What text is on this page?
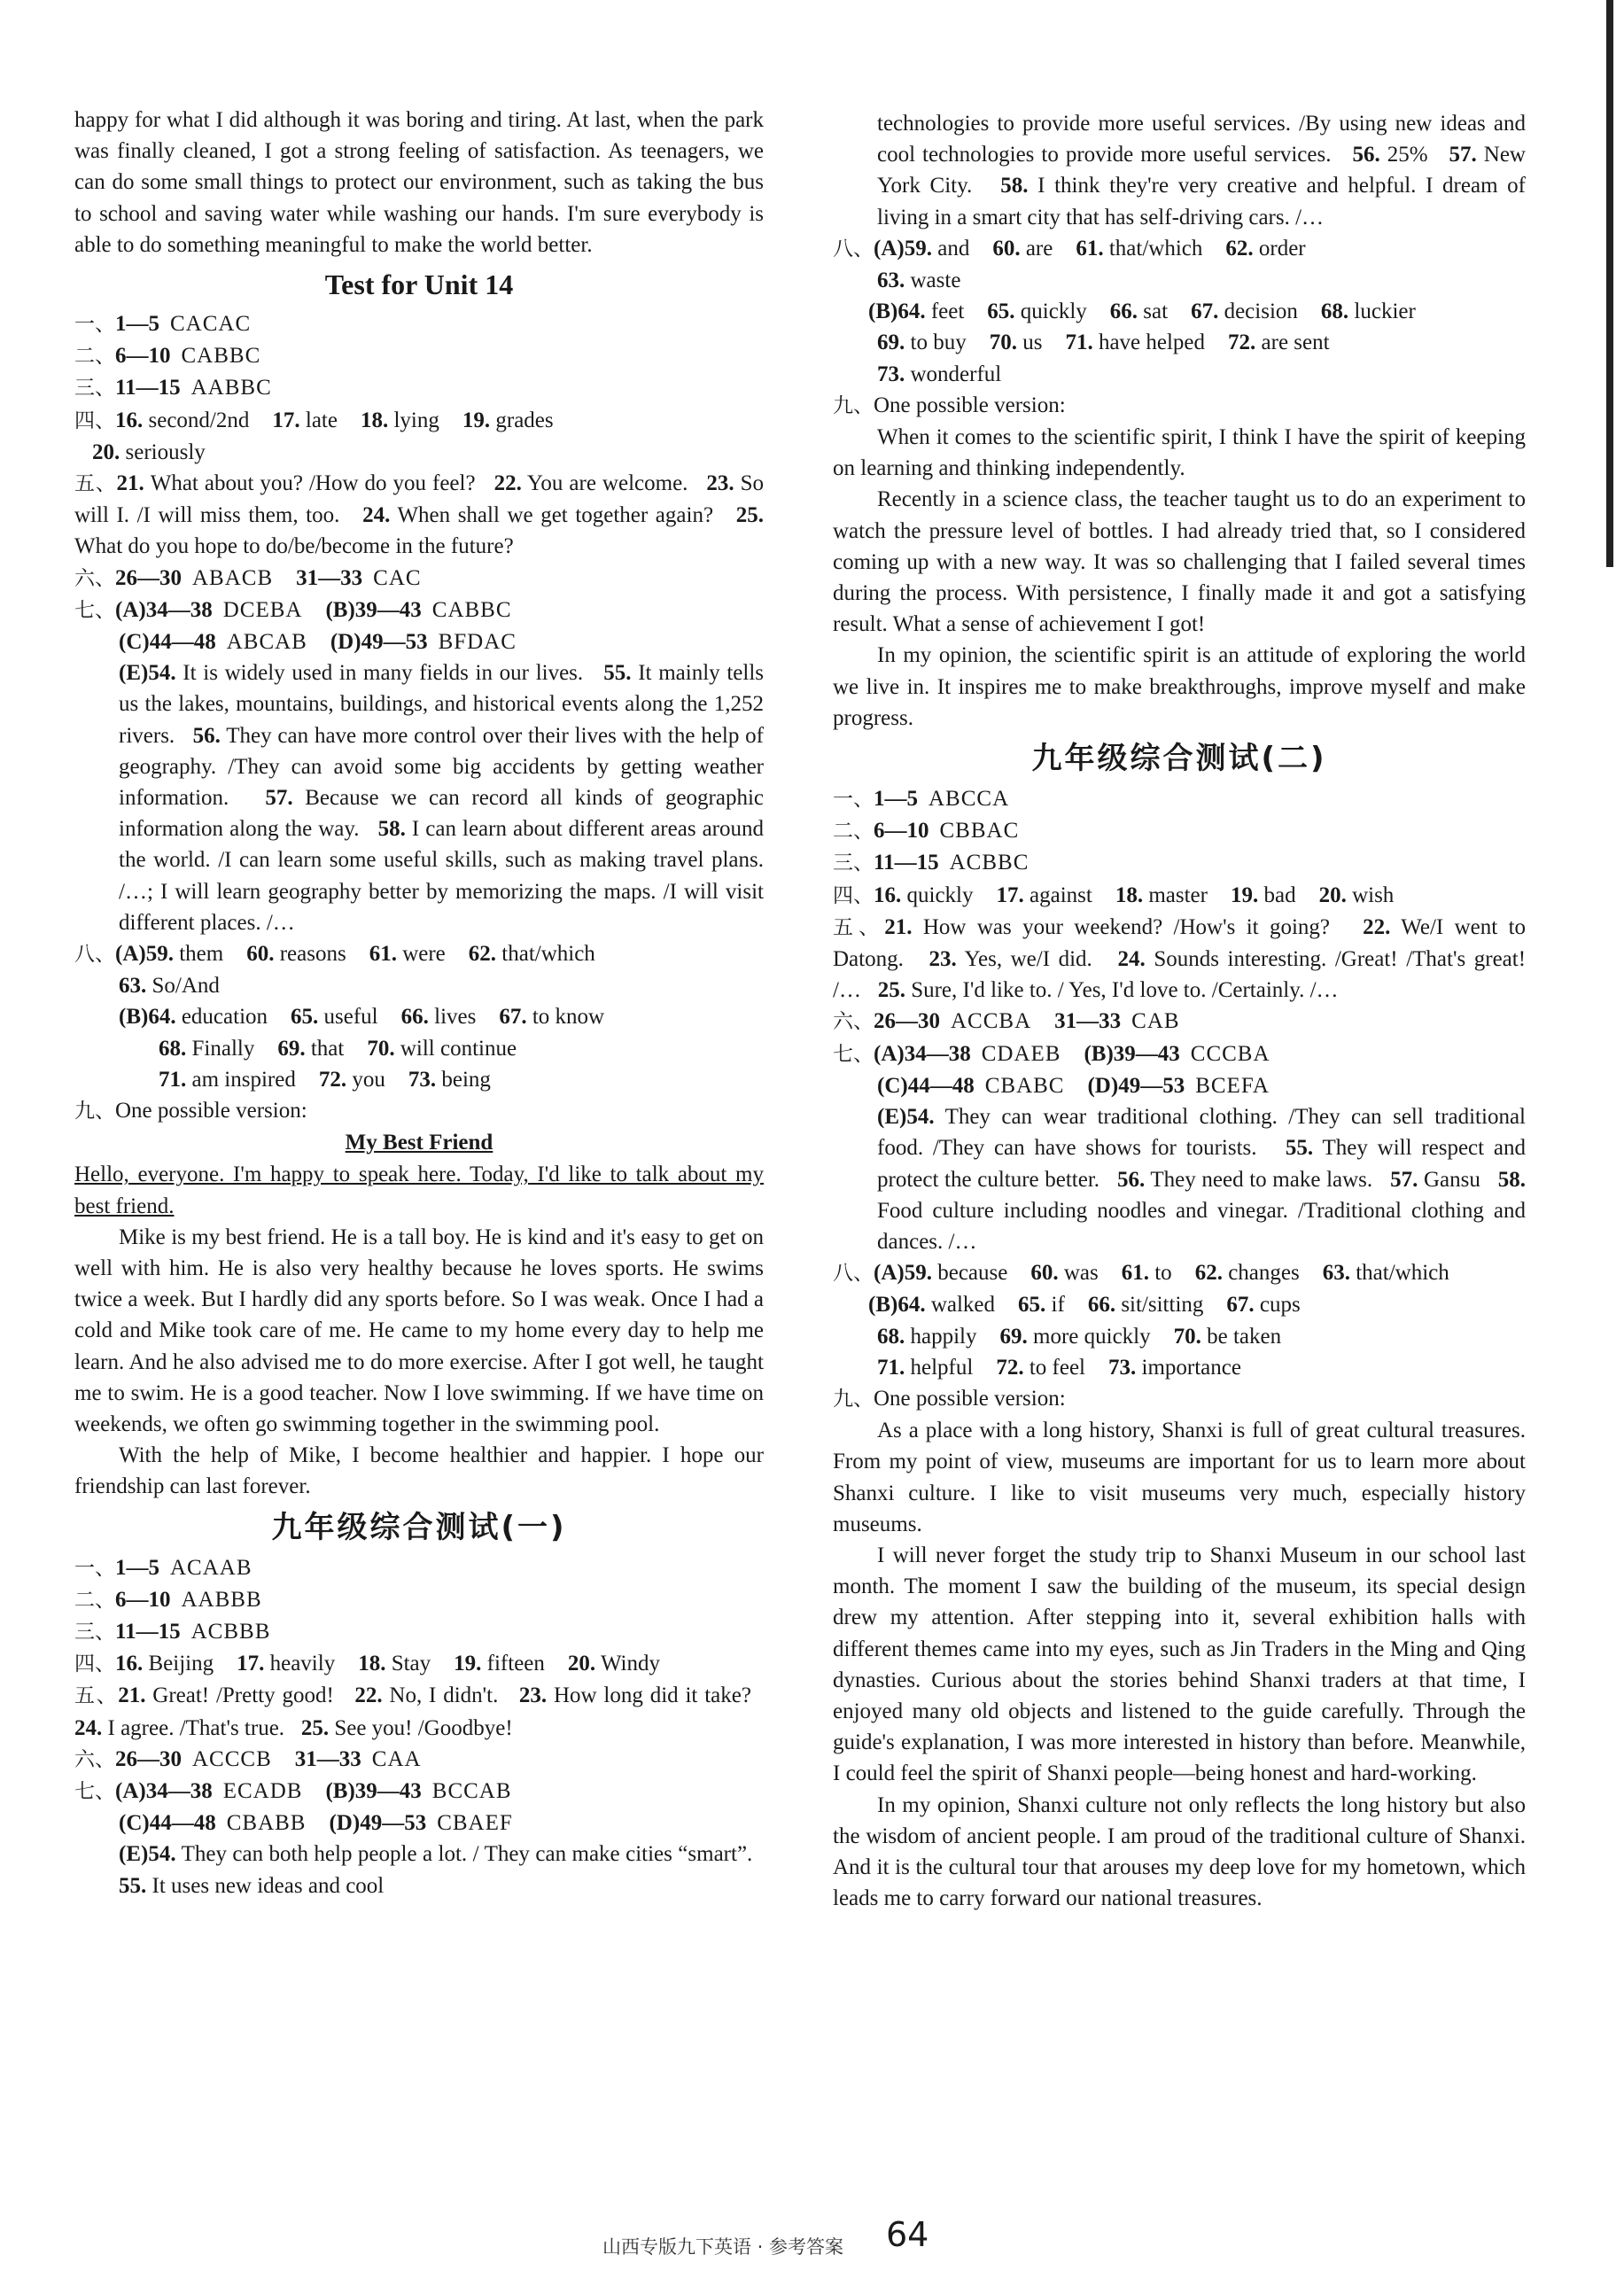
happy for what I did although it was boring and tiring. At last, when the park was finally cleaned, I got a strong feeling of satisfaction. As teenagers, we can do some small things to protect our environment, such as taking the bus to school and saving water while washing our hands. I'm sure everybody is able to do something meaningful to make the world better.

Test for Unit 14
一、1—5 CACAC
二、6—10 CABBC
三、11—15 AABBC
四、16. second/2nd 17. late 18. lying 19. grades
20. seriously

五、21. What about you? /How do you feel? 22. You are welcome. 23. So will I. /I will miss them, too. 24. When shall we get together again? 25. What do you hope to do/be/become in the future?

六、26—30 ABACB 31—33 CAC
七、(A)34—38 DCEBA (B)39—43 CABBC
(C)44—48 ABCAB (D)49—53 BFDAC

(E)54. It is widely used in many fields in our lives. 55. It mainly tells us the lakes, mountains, buildings, and historical events along the 1,252 rivers. 56. They can have more control over their lives with the help of geography. /They can avoid some big accidents by getting weather information. 57. Because we can record all kinds of geographic information along the way. 58. I can learn about different areas around the world. /I can learn some useful skills, such as making travel plans. /…; I will learn geography better by memorizing the maps. /I will visit different places. /…

八、(A)59. them 60. reasons 61. were 62. that/which
63. So/And
(B)64. education 65. useful 66. lives 67. to know
68. Finally 69. that 70. will continue
71. am inspired 72. you 73. being
九、One possible version:
My Best Friend

Hello, everyone. I'm happy to speak here. Today, I'd like to talk about my best friend.

Mike is my best friend. He is a tall boy. He is kind and it's easy to get on well with him. He is also very healthy because he loves sports. He swims twice a week. But I hardly did any sports before. So I was weak. Once I had a cold and Mike took care of me. He came to my home every day to help me learn. And he also advised me to do more exercise. After I got well, he taught me to swim. He is a good teacher. Now I love swimming. If we have time on weekends, we often go swimming together in the swimming pool.

With the help of Mike, I become healthier and happier. I hope our friendship can last forever.

九年级综合测试(一)
一、1—5 ACAAB
二、6—10 AABBB
三、11—15 ACBBB
四、16. Beijing 17. heavily 18. Stay 19. fifteen 20. Windy

五、21. Great! /Pretty good! 22. No, I didn't. 23. How long did it take?   24. I agree. /That's true. 25. See you! /Goodbye!

六、26—30 ACCCB 31—33 CAA
七、(A)34—38 ECADB (B)39—43 BCCAB
(C)44—48 CBABB (D)49—53 CBAEF

(E)54. They can both help people a lot. / They can make cities “smart”.   55. It uses new ideas and cool

technologies to provide more useful services. /By using new ideas and cool technologies to provide more useful services. 56. 25% 57. New York City. 58. I think they're very creative and helpful. I dream of living in a smart city that has self-driving cars. /…

八、(A)59. and 60. are 61. that/which 62. order
63. waste
(B)64. feet 65. quickly 66. sat 67. decision 68. luckier
69. to buy 70. us 71. have helped 72. are sent
73. wonderful
九、One possible version:

When it comes to the scientific spirit, I think I have the spirit of keeping on learning and thinking independently.

Recently in a science class, the teacher taught us to do an experiment to watch the pressure level of bottles. I had already tried that, so I considered coming up with a new way. It was so challenging that I failed several times during the process. With persistence, I finally made it and got a satisfying result. What a sense of achievement I got!

In my opinion, the scientific spirit is an attitude of exploring the world we live in. It inspires me to make breakthroughs, improve myself and make progress.

九年级综合测试(二)
一、1—5 ABCCA
二、6—10 CBBAC
三、11—15 ACBBC
四、16. quickly 17. against 18. master 19. bad 20. wish

五、21. How was your weekend? /How's it going? 22. We/I went to Datong. 23. Yes, we/I did. 24. Sounds interesting. /Great! /That's great! /… 25. Sure, I'd like to. / Yes, I'd love to. /Certainly. /…

六、26—30 ACCBA 31—33 CAB
七、(A)34—38 CDAEB (B)39—43 CCCBA
(C)44—48 CBABC (D)49—53 BCEFA

(E)54. They can wear traditional clothing. /They can sell traditional food. /They can have shows for tourists. 55. They will respect and protect the culture better. 56. They need to make laws. 57. Gansu 58. Food culture including noodles and vinegar. /Traditional clothing and dances. /…

八、(A)59. because 60. was 61. to 62. changes 63. that/which
(B)64. walked 65. if 66. sit/sitting 67. cups
68. happily 69. more quickly 70. be taken
71. helpful 72. to feel 73. importance
九、One possible version:

As a place with a long history, Shanxi is full of great cultural treasures. From my point of view, museums are important for us to learn more about Shanxi culture. I like to visit museums very much, especially history museums.

I will never forget the study trip to Shanxi Museum in our school last month. The moment I saw the building of the museum, its special design drew my attention. After stepping into it, several exhibition halls with different themes came into my eyes, such as Jin Traders in the Ming and Qing dynasties. Curious about the stories behind Shanxi traders at that time, I enjoyed many old objects and listened to the guide carefully. Through the guide's explanation, I was more interested in history than before. Meanwhile, I could feel the spirit of Shanxi people—being honest and hard-working.

In my opinion, Shanxi culture not only reflects the long history but also the wisdom of ancient people. I am proud of the traditional culture of Shanxi. And it is the cultural tour that arouses my deep love for my hometown, which leads me to carry forward our national treasures.

山西专版九下英语 · 参考答案 64
